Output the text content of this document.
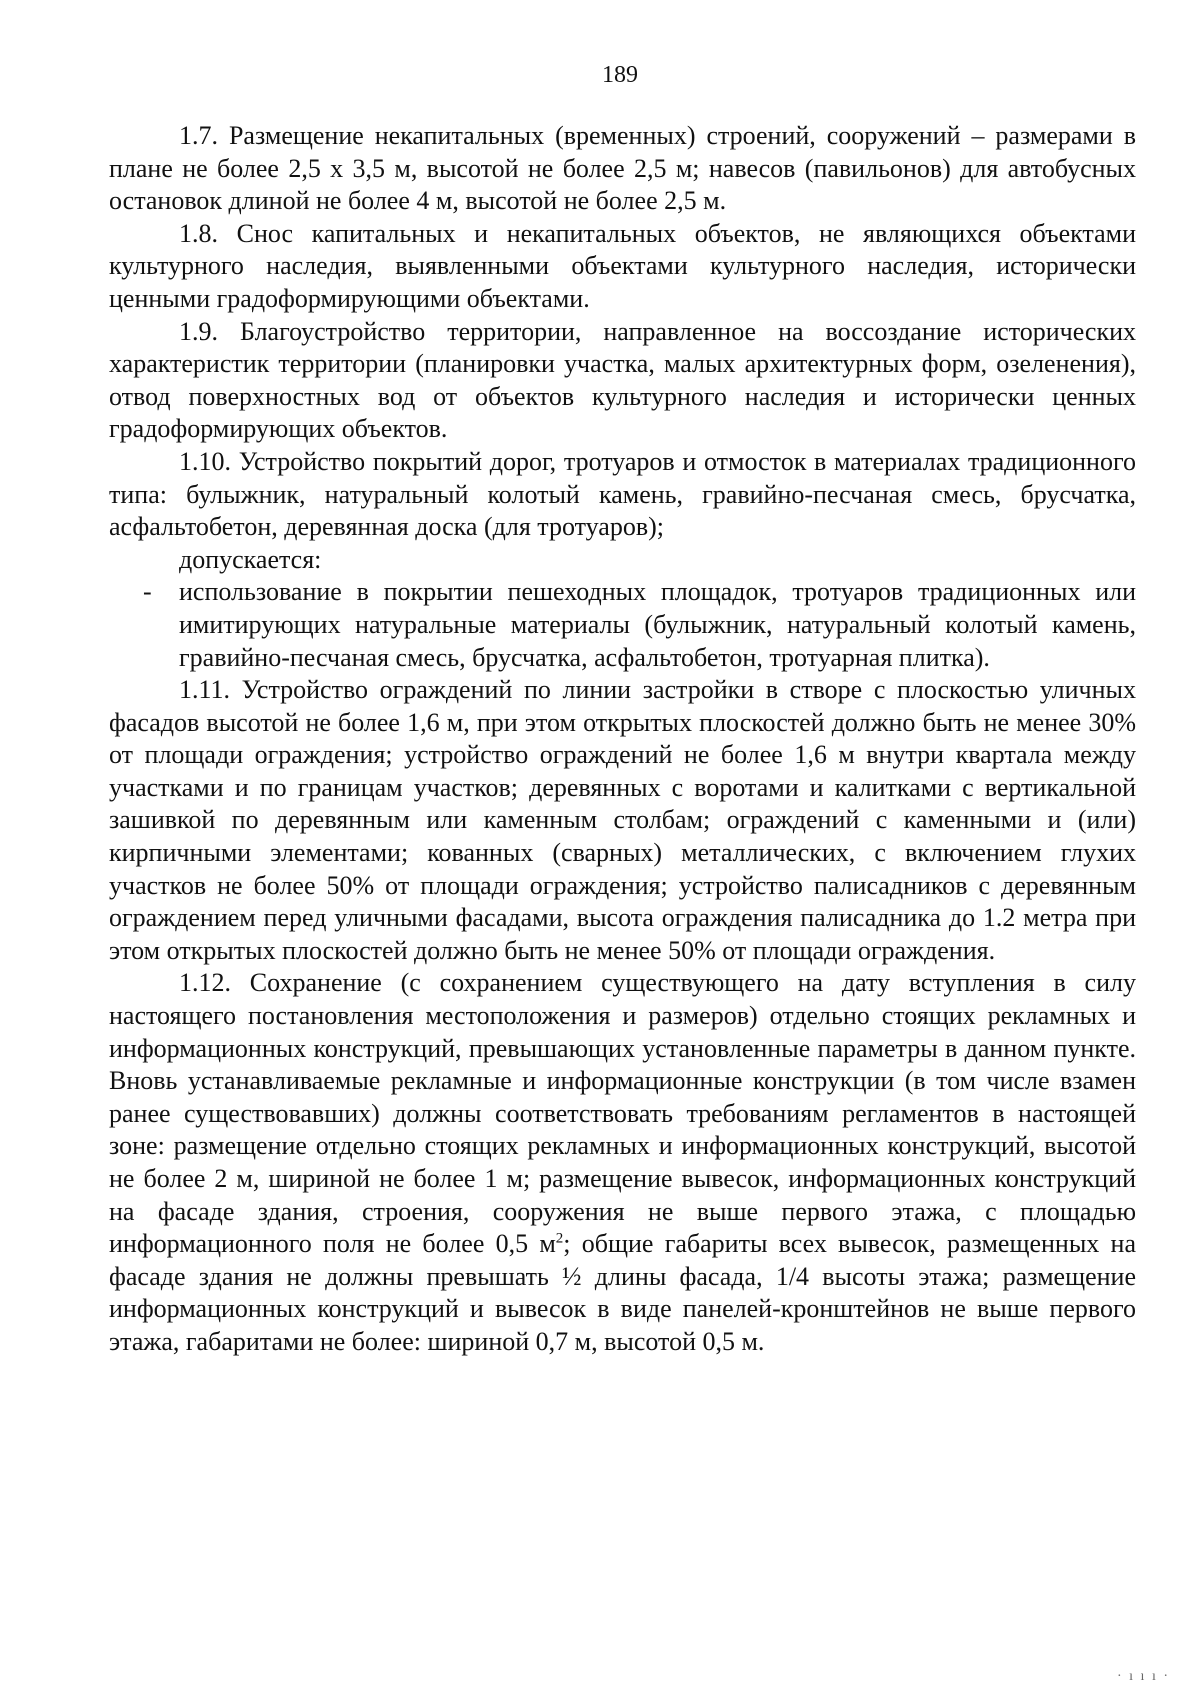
189

1.7. Размещение некапитальных (временных) строений, сооружений – размерами в плане не более 2,5 х 3,5 м, высотой не более 2,5 м; навесов (павильонов) для автобусных остановок длиной не более 4 м, высотой не более 2,5 м.

1.8. Снос капитальных и некапитальных объектов, не являющихся объектами культурного наследия, выявленными объектами культурного наследия, исторически ценными градоформирующими объектами.

1.9. Благоустройство территории, направленное на воссоздание исторических характеристик территории (планировки участка, малых архитектурных форм, озеленения), отвод поверхностных вод от объектов культурного наследия и исторически ценных градоформирующих объектов.

1.10. Устройство покрытий дорог, тротуаров и отмосток в материалах традиционного типа: булыжник, натуральный колотый камень, гравийно-песчаная смесь, брусчатка, асфальтобетон, деревянная доска (для тротуаров);

допускается:

- использование в покрытии пешеходных площадок, тротуаров традиционных или имитирующих натуральные материалы (булыжник, натуральный колотый камень, гравийно-песчаная смесь, брусчатка, асфальтобетон, тротуарная плитка).

1.11. Устройство ограждений по линии застройки в створе с плоскостью уличных фасадов высотой не более 1,6 м, при этом открытых плоскостей должно быть не менее 30% от площади ограждения; устройство ограждений не более 1,6 м внутри квартала между участками и по границам участков; деревянных с воротами и калитками с вертикальной зашивкой по деревянным или каменным столбам; ограждений с каменными и (или) кирпичными элементами; кованных (сварных) металлических, с включением глухих участков не более 50% от площади ограждения; устройство палисадников с деревянным ограждением перед уличными фасадами, высота ограждения палисадника до 1.2 метра при этом открытых плоскостей должно быть не менее 50% от площади ограждения.

1.12. Сохранение (с сохранением существующего на дату вступления в силу настоящего постановления местоположения и размеров) отдельно стоящих рекламных и информационных конструкций, превышающих установленные параметры в данном пункте. Вновь устанавливаемые рекламные и информационные конструкции (в том числе взамен ранее существовавших) должны соответствовать требованиям регламентов в настоящей зоне: размещение отдельно стоящих рекламных и информационных конструкций, высотой не более 2 м, шириной не более 1 м; размещение вывесок, информационных конструкций на фасаде здания, строения, сооружения не выше первого этажа, с площадью информационного поля не более 0,5 $м^2$; общие габариты всех вывесок, размещенных на фасаде здания не должны превышать ½ длины фасада, 1/4 высоты этажа; размещение информационных конструкций и вывесок в виде панелей-кронштейнов не выше первого этажа, габаритами не более: шириной 0,7 м, высотой 0,5 м.

· ı ı ı ·
